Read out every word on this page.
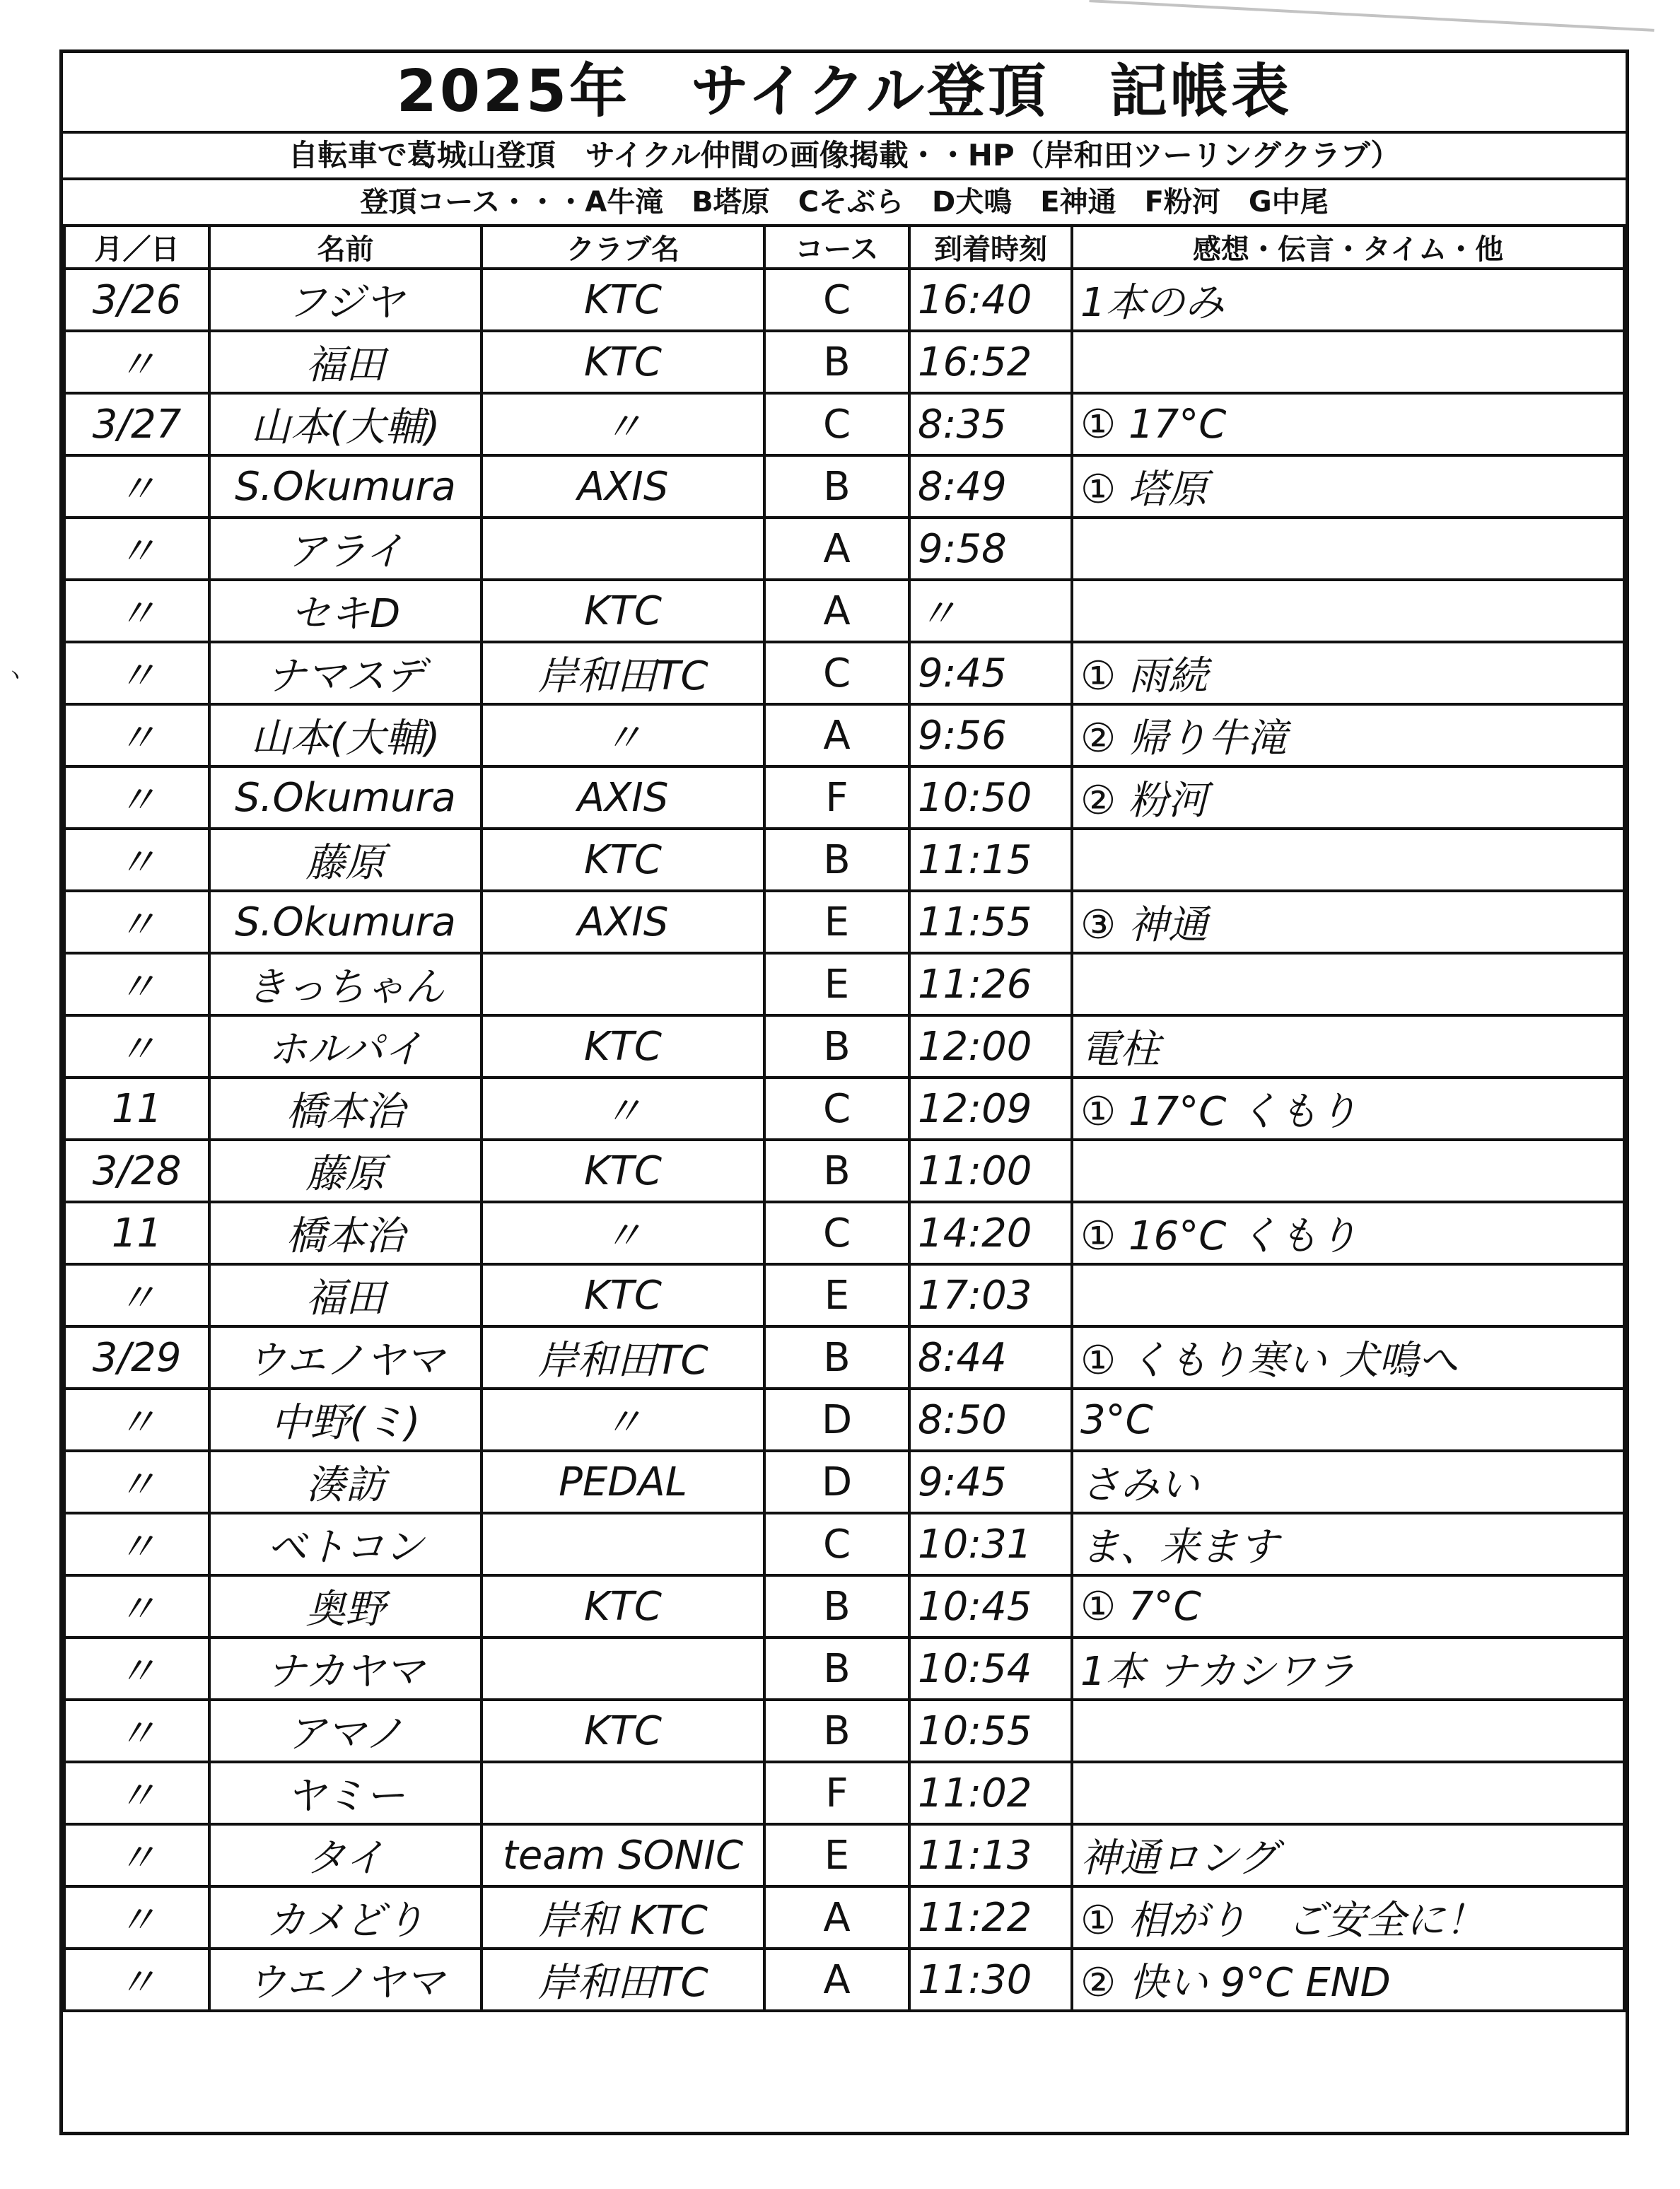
ヽ
2025年　サイクル登頂　記帳表
自転車で葛城山登頂　サイクル仲間の画像掲載・・HP（岸和田ツーリングクラブ）
登頂コース・・・A牛滝　B塔原　Cそぶら　D犬鳴　E神通　F粉河　G中尾
月／日	名前	クラブ名	コース	到着時刻	感想・伝言・タイム・他
3/26	フジヤ	KTC	C	16:40	1本のみ
〃	福田	KTC	B	16:52	
3/27	山本(大輔)	〃	C	8:35	① 17°C
〃	S.Okumura	AXIS	B	8:49	① 塔原
〃	アライ		A	9:58	
〃	セキD	KTC	A	〃	
〃	ナマスデ	岸和田TC	C	9:45	① 雨続
〃	山本(大輔)	〃	A	9:56	② 帰り牛滝
〃	S.Okumura	AXIS	F	10:50	② 粉河
〃	藤原	KTC	B	11:15	
〃	S.Okumura	AXIS	E	11:55	③ 神通
〃	きっちゃん		E	11:26	
〃	ホルパイ	KTC	B	12:00	電柱
11	橋本治	〃	C	12:09	① 17°C くもり
3/28	藤原	KTC	B	11:00	
11	橋本治	〃	C	14:20	① 16°C くもり
〃	福田	KTC	E	17:03	
3/29	ウエノヤマ	岸和田TC	B	8:44	① くもり寒い 犬鳴へ
〃	中野(ミ)	〃	D	8:50	3°C
〃	湊訪	PEDAL	D	9:45	さみい
〃	ベトコン		C	10:31	ま、来ます
〃	奥野	KTC	B	10:45	① 7°C
〃	ナカヤマ		B	10:54	1本 ナカシワラ
〃	アマノ	KTC	B	10:55	
〃	ヤミー		F	11:02	
〃	タイ	team SONIC	E	11:13	神通ロング
〃	カメどり	岸和 KTC	A	11:22	① 相がり　ご安全に！
〃	ウエノヤマ	岸和田TC	A	11:30	② 快い 9°C END
